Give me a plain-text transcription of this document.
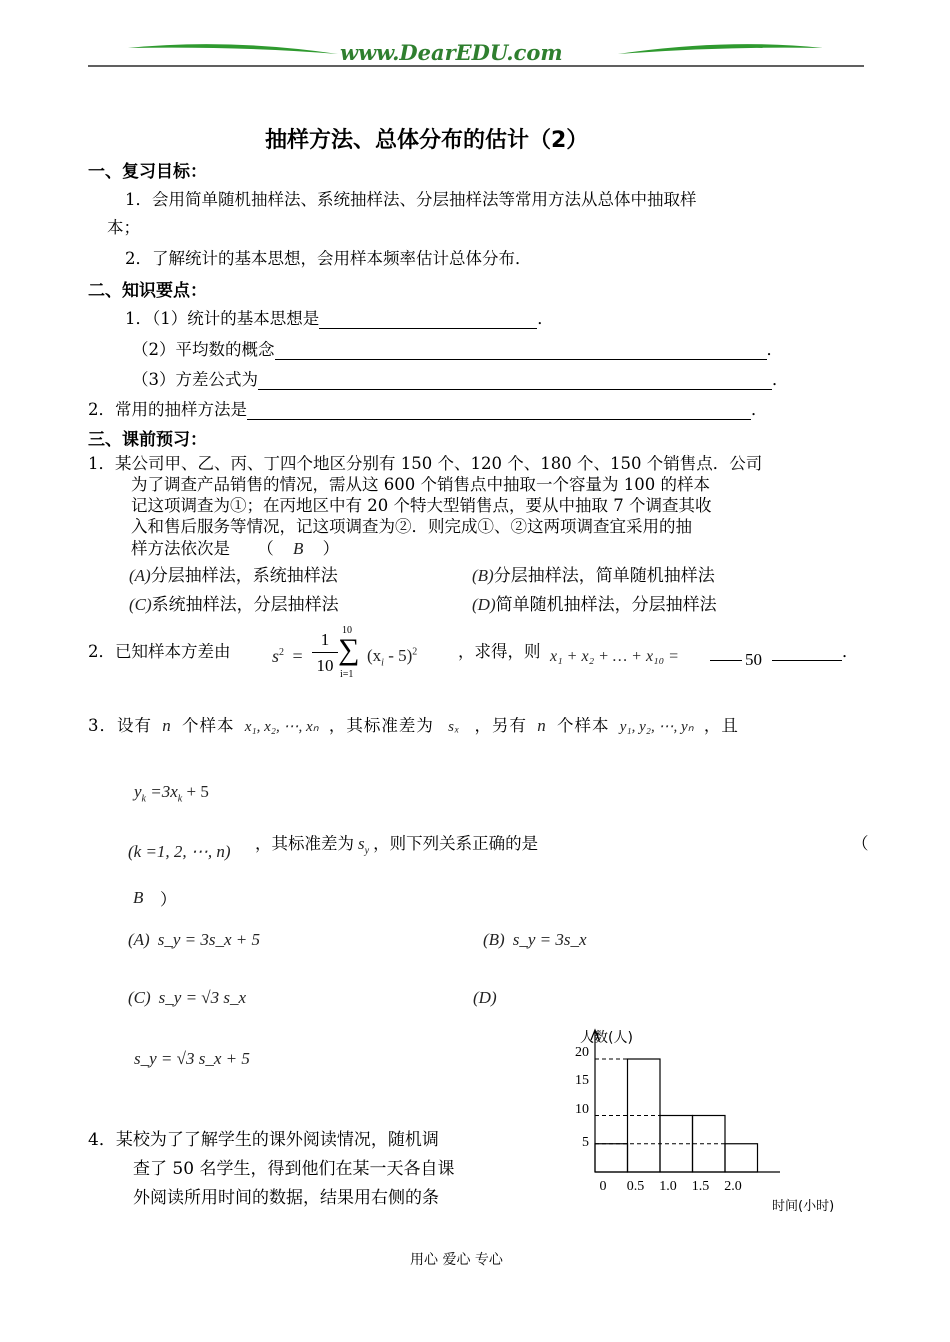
www.DearEDU.com
抽样方法、总体分布的估计（2）
一、复习目标：
1．会用简单随机抽样法、系统抽样法、分层抽样法等常用方法从总体中抽取样
本；
2．了解统计的基本思想，会用样本频率估计总体分布．
二、知识要点：
1．（1）统计的基本思想是	．
（2）平均数的概念	．
（3）方差公式为	．
2．常用的抽样方法是	．
三、课前预习：
1．某公司甲、乙、丙、丁四个地区分别有 150 个、120 个、180 个、150 个销售点．公司
为了调查产品销售的情况，需从这 600 个销售点中抽取一个容量为 100 的样本
记这项调查为①；在丙地区中有 20 个特大型销售点，要从中抽取 7 个调查其收
入和售后服务等情况，记这项调查为②．则完成①、②这两项调查宜采用的抽
样方法依次是 （ B ）
(A)分层抽样法，系统抽样法	(B)分层抽样法，简单随机抽样法
(C)系统抽样法，分层抽样法	(D)简单随机抽样法，分层抽样法
2．已知样本方差由 $s^2$ =
1
10
10
∑
i=1
$(x_i - 5)^2$ ，求得，则 x₁ + x₂ + … + x₁₀ =	50	．
3．设有 n 个样本 x₁, x₂, ⋯, xₙ ，其标准差为 sₓ ，另有 n 个样本 y₁, y₂, ⋯, yₙ ，且
$y_k =3x_k + 5$
(k =1, 2, ⋯, n) ，其标准差为 $s_y$ ，则下列关系正确的是	（
B ）
(A) s_y = 3s_x + 5	(B) s_y = 3s_x
(C) s_y = √3 s_x	(D)
s_y = √3 s_x + 5
4．某校为了了解学生的课外阅读情况，随机调
查了 50 名学生，得到他们在某一天各自课
外阅读所用时间的数据，结果用右侧的条
0 0.5 1.0 1.5 2.0
5
10
15
20
人数(人)
时间(小时)
用心 爱心 专心
